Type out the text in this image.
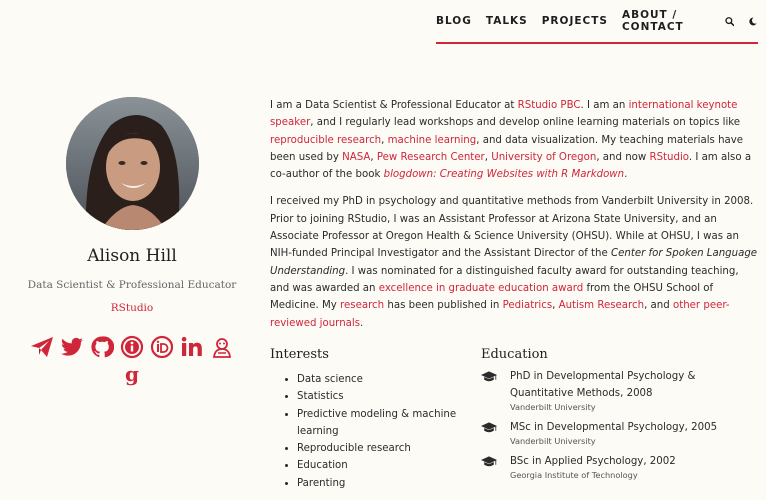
BLOG TALKS PROJECTS ABOUT / CONTACT
Alison Hill
Data Scientist & Professional Educator
RStudio
g

I am a Data Scientist & Professional Educator at RStudio PBC. I am an international keynote speaker, and I regularly lead workshops and develop online learning materials on topics like reproducible research, machine learning, and data visualization. My teaching materials have been used by NASA, Pew Research Center, University of Oregon, and now RStudio. I am also a co-author of the book blogdown: Creating Websites with R Markdown.

I received my PhD in psychology and quantitative methods from Vanderbilt University in 2008. Prior to joining RStudio, I was an Assistant Professor at Arizona State University, and an Associate Professor at Oregon Health & Science University (OHSU). While at OHSU, I was an NIH-funded Principal Investigator and the Assistant Director of the Center for Spoken Language Understanding. I was nominated for a distinguished faculty award for outstanding teaching, and was awarded an excellence in graduate education award from the OHSU School of Medicine. My research has been published in Pediatrics, Autism Research, and other peer-reviewed journals.

Interests
• Data science
• Statistics
• Predictive modeling & machine learning
• Reproducible research
• Education
• Parenting
Education
PhD in Developmental Psychology & Quantitative Methods, 2008
Vanderbilt University
MSc in Developmental Psychology, 2005
Vanderbilt University
BSc in Applied Psychology, 2002
Georgia Institute of Technology
